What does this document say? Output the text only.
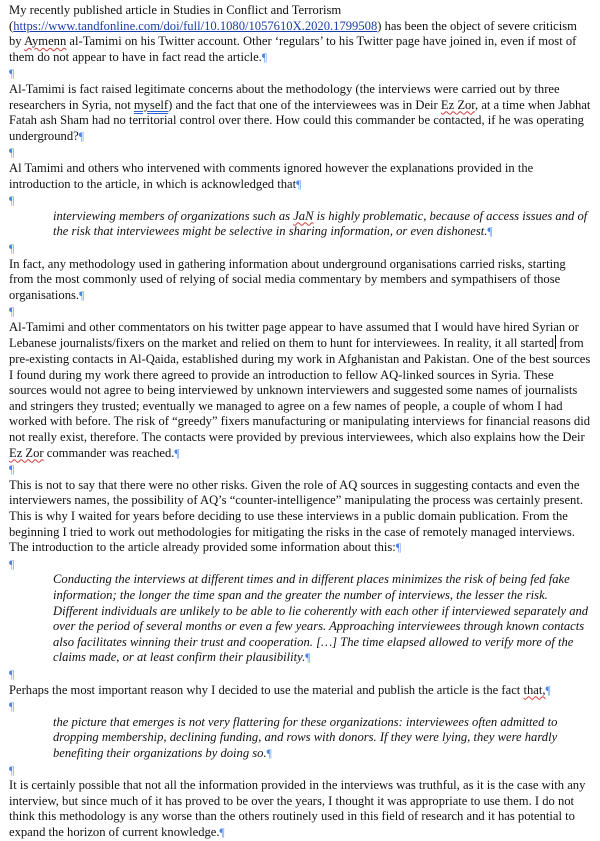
My recently published article in Studies in Conflict and Terrorism (https://www.tandfonline.com/doi/full/10.1080/1057610X.2020.1799508) has been the object of severe criticism by Aymenn al-Tamimi on his Twitter account. Other ‘regulars’ to his Twitter page have joined in, even if most of them do not appear to have in fact read the article.¶

¶

Al-Tamimi is fact raised legitimate concerns about the methodology (the interviews were carried out by three researchers in Syria, not myself) and the fact that one of the interviewees was in Deir Ez Zor, at a time when Jabhat Fatah ash Sham had no territorial control over there. How could this commander be contacted, if he was operating underground?¶

¶

Al Tamimi and others who intervened with comments ignored however the explanations provided in the introduction to the article, in which is acknowledged that¶

¶

interviewing members of organizations such as JaN is highly problematic, because of access issues and of the risk that interviewees might be selective in sharing information, or even dishonest.¶

¶

In fact, any methodology used in gathering information about underground organisations carried risks, starting from the most commonly used of relying of social media commentary by members and sympathisers of those organisations.¶

¶

Al-Tamimi and other commentators on his twitter page appear to have assumed that I would have hired Syrian or Lebanese journalists/fixers on the market and relied on them to hunt for interviewees. In reality, it all started from pre-existing contacts in Al-Qaida, established during my work in Afghanistan and Pakistan. One of the best sources I found during my work there agreed to provide an introduction to fellow AQ-linked sources in Syria. These sources would not agree to being interviewed by unknown interviewers and suggested some names of journalists and stringers they trusted; eventually we managed to agree on a few names of people, a couple of whom I had worked with before. The risk of “greedy” fixers manufacturing or manipulating interviews for financial reasons did not really exist, therefore. The contacts were provided by previous interviewees, which also explains how the Deir Ez Zor commander was reached.¶

¶

This is not to say that there were no other risks. Given the role of AQ sources in suggesting contacts and even the interviewers names, the possibility of AQ’s “counter-intelligence” manipulating the process was certainly present. This is why I waited for years before deciding to use these interviews in a public domain publication. From the beginning I tried to work out methodologies for mitigating the risks in the case of remotely managed interviews. The introduction to the article already provided some information about this:¶

¶

Conducting the interviews at different times and in different places minimizes the risk of being fed fake information; the longer the time span and the greater the number of interviews, the lesser the risk. Different individuals are unlikely to be able to lie coherently with each other if interviewed separately and over the period of several months or even a few years. Approaching interviewees through known contacts also facilitates winning their trust and cooperation. […] The time elapsed allowed to verify more of the claims made, or at least confirm their plausibility.¶

¶

Perhaps the most important reason why I decided to use the material and publish the article is the fact that,¶

¶

the picture that emerges is not very flattering for these organizations: interviewees often admitted to dropping membership, declining funding, and rows with donors. If they were lying, they were hardly benefiting their organizations by doing so.¶

¶

It is certainly possible that not all the information provided in the interviews was truthful, as it is the case with any interview, but since much of it has proved to be over the years, I thought it was appropriate to use them. I do not think this methodology is any worse than the others routinely used in this field of research and it has potential to expand the horizon of current knowledge.¶
